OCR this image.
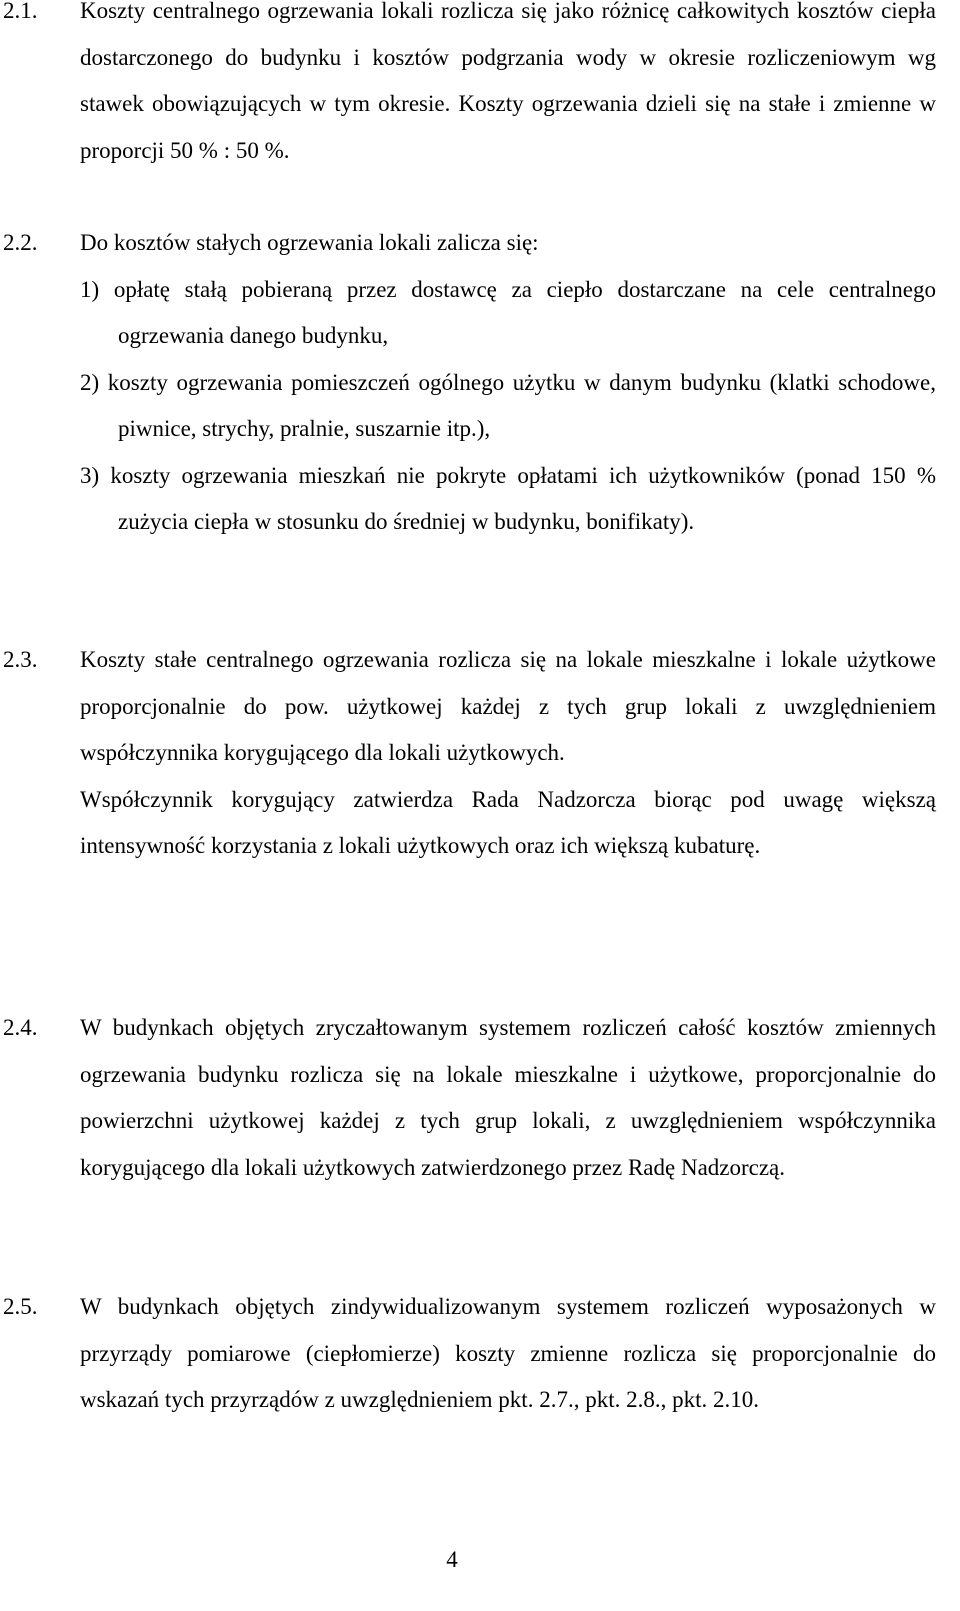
2.1. Koszty centralnego ogrzewania lokali rozlicza się jako różnicę całkowitych kosztów ciepła dostarczonego do budynku i kosztów podgrzania wody w okresie rozliczeniowym wg stawek obowiązujących w tym okresie. Koszty ogrzewania dzieli się na stałe i zmienne w proporcji 50 % : 50 %.

2.2. Do kosztów stałych ogrzewania lokali zalicza się:

1) opłatę stałą pobieraną przez dostawcę za ciepło dostarczane na cele centralnego ogrzewania danego budynku,

2) koszty ogrzewania pomieszczeń ogólnego użytku w danym budynku (klatki schodowe, piwnice, strychy, pralnie, suszarnie itp.),

3) koszty ogrzewania mieszkań nie pokryte opłatami ich użytkowników (ponad 150 % zużycia ciepła w stosunku do średniej w budynku, bonifikaty).

2.3. Koszty stałe centralnego ogrzewania rozlicza się na lokale mieszkalne i lokale użytkowe proporcjonalnie do pow. użytkowej każdej z tych grup lokali z uwzględnieniem współczynnika korygującego dla lokali użytkowych.

Współczynnik korygujący zatwierdza Rada Nadzorcza biorąc pod uwagę większą intensywność korzystania z lokali użytkowych oraz ich większą kubaturę.

2.4. W budynkach objętych zryczałtowanym systemem rozliczeń całość kosztów zmiennych ogrzewania budynku rozlicza się na lokale mieszkalne i użytkowe, proporcjonalnie do powierzchni użytkowej każdej z tych grup lokali, z uwzględnieniem współczynnika korygującego dla lokali użytkowych zatwierdzonego przez Radę Nadzorczą.

2.5. W budynkach objętych zindywidualizowanym systemem rozliczeń wyposażonych w przyrządy pomiarowe (ciepłomierze) koszty zmienne rozlicza się proporcjonalnie do wskazań tych przyrządów z uwzględnieniem pkt. 2.7., pkt. 2.8., pkt. 2.10.

4
